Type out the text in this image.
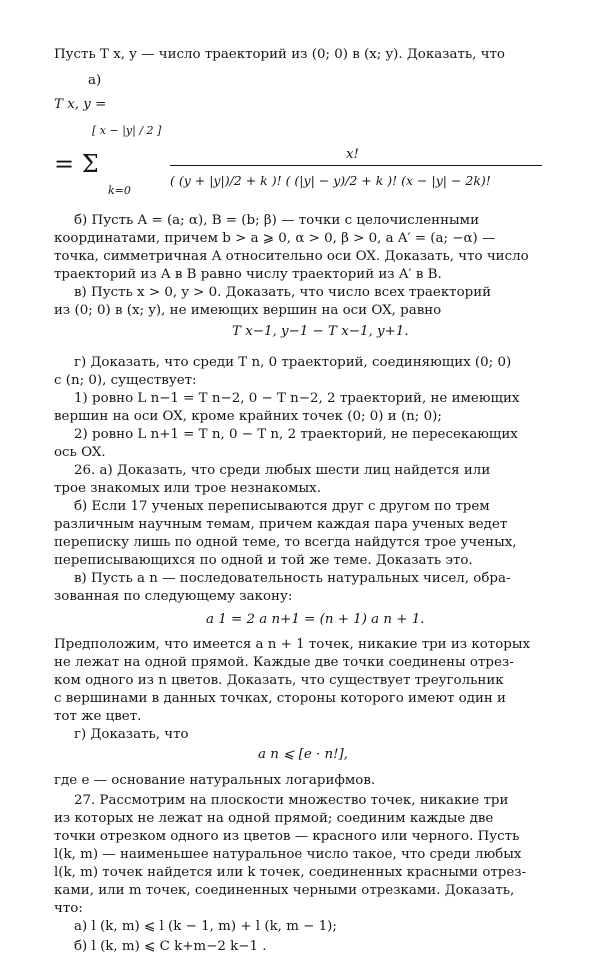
Пусть T x, y — число траекторий из (0; 0) в (x; y). Доказать, что
а)
T x, y =
[ x − |y| / 2 ]
= Σ
k=0
x!
( (y + |y|)/2 + k )! ( (|y| − y)/2 + k )! (x − |y| − 2k)!
б) Пусть A = (a; α), B = (b; β) — точки с целочисленными
координатами, причем b > a ⩾ 0, α > 0, β > 0, а A′ = (a; −α) —
точка, симметричная A относительно оси OX. Доказать, что число
траекторий из A в B равно числу траекторий из A′ в B.
в) Пусть x > 0, y > 0. Доказать, что число всех траекторий
из (0; 0) в (x; y), не имеющих вершин на оси OX, равно
T x−1, y−1 − T x−1, y+1.
г) Доказать, что среди T n, 0 траекторий, соединяющих (0; 0)
с (n; 0), существует:
1) ровно L n−1 = T n−2, 0 − T n−2, 2 траекторий, не имеющих
вершин на оси OX, кроме крайних точек (0; 0) и (n; 0);
2) ровно L n+1 = T n, 0 − T n, 2 траекторий, не пересекающих
ось OX.
26. а) Доказать, что среди любых шести лиц найдется или
трое знакомых или трое незнакомых.
б) Если 17 ученых переписываются друг с другом по трем
различным научным темам, причем каждая пара ученых ведет
переписку лишь по одной теме, то всегда найдутся трое ученых,
переписывающихся по одной и той же теме. Доказать это.
в) Пусть a n — последовательность натуральных чисел, обра-
зованная по следующему закону:
a 1 = 2 a n+1 = (n + 1) a n + 1.
Предположим, что имеется a n + 1 точек, никакие три из которых
не лежат на одной прямой. Каждые две точки соединены отрез-
ком одного из n цветов. Доказать, что существует треугольник
с вершинами в данных точках, стороны которого имеют один и
тот же цвет.
г) Доказать, что
a n ⩽ [e · n!],
где e — основание натуральных логарифмов.
27. Рассмотрим на плоскости множество точек, никакие три
из которых не лежат на одной прямой; соединим каждые две
точки отрезком одного из цветов — красного или черного. Пусть
l(k, m) — наименьшее натуральное число такое, что среди любых
l(k, m) точек найдется или k точек, соединенных красными отрез-
ками, или m точек, соединенных черными отрезками. Доказать,
что:
а) l (k, m) ⩽ l (k − 1, m) + l (k, m − 1);
б) l (k, m) ⩽ C k+m−2 k−1 .
